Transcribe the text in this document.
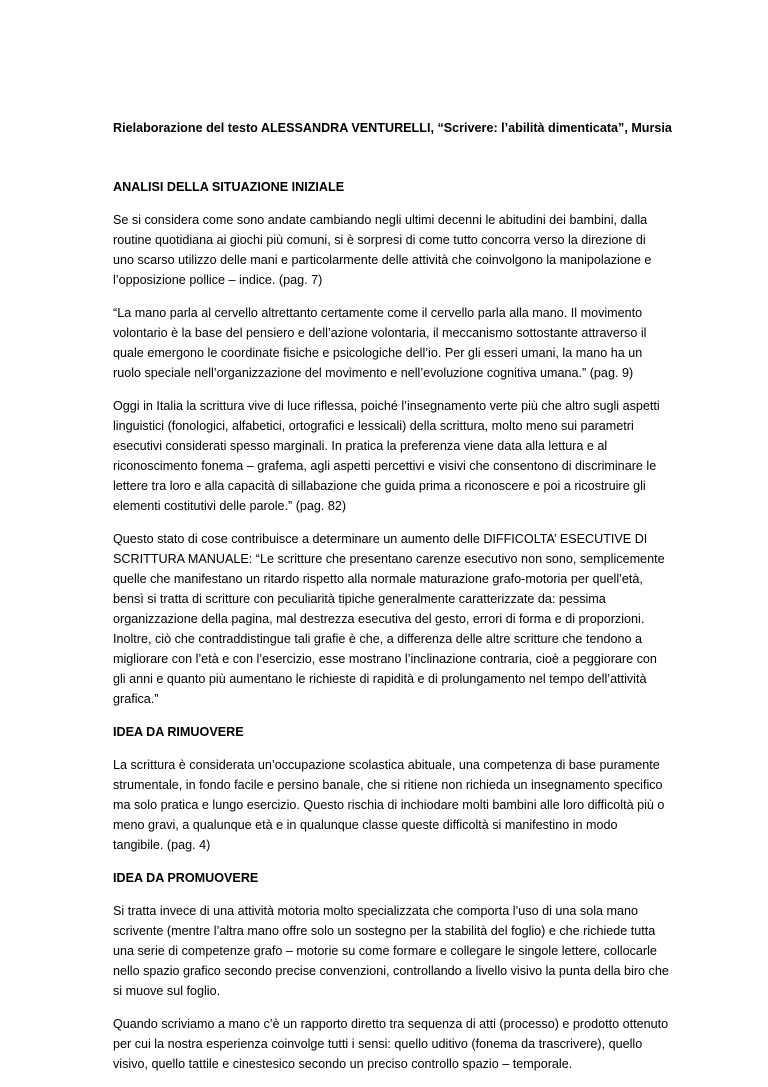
Rielaborazione del testo ALESSANDRA VENTURELLI, “Scrivere: l’abilità dimenticata”, Mursia
ANALISI DELLA SITUAZIONE INIZIALE

Se si considera come sono andate cambiando negli ultimi decenni le abitudini dei bambini, dalla routine quotidiana ai giochi più comuni, si è sorpresi di come tutto concorra verso la direzione di uno scarso utilizzo delle mani e particolarmente delle attività che coinvolgono la manipolazione e l’opposizione pollice – indice. (pag. 7)

“La mano parla al cervello altrettanto certamente come il cervello parla alla mano. Il movimento volontario è la base del pensiero e dell’azione volontaria, il meccanismo sottostante attraverso il quale emergono le coordinate fisiche e psicologiche dell’io. Per gli esseri umani, la mano ha un ruolo speciale nell’organizzazione del movimento e nell’evoluzione cognitiva umana.” (pag. 9)

Oggi in Italia la scrittura vive di luce riflessa, poiché l’insegnamento verte più che altro sugli aspetti linguistici (fonologici, alfabetici, ortografici e lessicali) della scrittura, molto meno sui parametri esecutivi considerati spesso marginali. In pratica la preferenza viene data alla lettura e al riconoscimento fonema – grafema, agli aspetti percettivi e visivi che consentono di discriminare le lettere tra loro e alla capacità di sillabazione che guida prima a riconoscere e poi a ricostruire gli elementi costitutivi delle parole.” (pag. 82)

Questo stato di cose contribuisce a determinare un aumento delle DIFFICOLTA’ ESECUTIVE DI SCRITTURA MANUALE: “Le scritture che presentano carenze esecutivo non sono, semplicemente quelle che manifestano un ritardo rispetto alla normale maturazione grafo-motoria per quell’età, bensì si tratta di scritture con peculiarità tipiche generalmente caratterizzate da: pessima organizzazione della pagina, mal destrezza esecutiva del gesto, errori di forma e di proporzioni. Inoltre, ciò che contraddistingue tali grafie è che, a differenza delle altre scritture che tendono a migliorare con l’età e con l’esercizio, esse mostrano l’inclinazione contraria, cioè a peggiorare con gli anni e quanto più aumentano le richieste di rapidità e di prolungamento nel tempo dell’attività grafica.”

IDEA DA RIMUOVERE

La scrittura è considerata un’occupazione scolastica abituale, una competenza di base puramente strumentale, in fondo facile e persino banale, che si ritiene non richieda un insegnamento specifico ma solo pratica e lungo esercizio. Questo rischia di inchiodare molti bambini alle loro difficoltà più o meno gravi, a qualunque età e in qualunque classe queste difficoltà si manifestino in modo tangibile. (pag. 4)

IDEA DA PROMUOVERE

Si tratta invece di una attività motoria molto specializzata che comporta l’uso di una sola mano scrivente (mentre l’altra mano offre solo un sostegno per la stabilità del foglio) e che richiede tutta una serie di competenze grafo – motorie su come formare e collegare le singole lettere, collocarle nello spazio grafico secondo precise convenzioni, controllando a livello visivo la punta della biro che si muove sul foglio.

Quando scriviamo a mano c’è un rapporto diretto tra sequenza di atti (processo) e prodotto ottenuto per cui la nostra esperienza coinvolge tutti i sensi: quello uditivo (fonema da trascrivere), quello visivo, quello tattile e cinestesico secondo un preciso controllo spazio – temporale.
